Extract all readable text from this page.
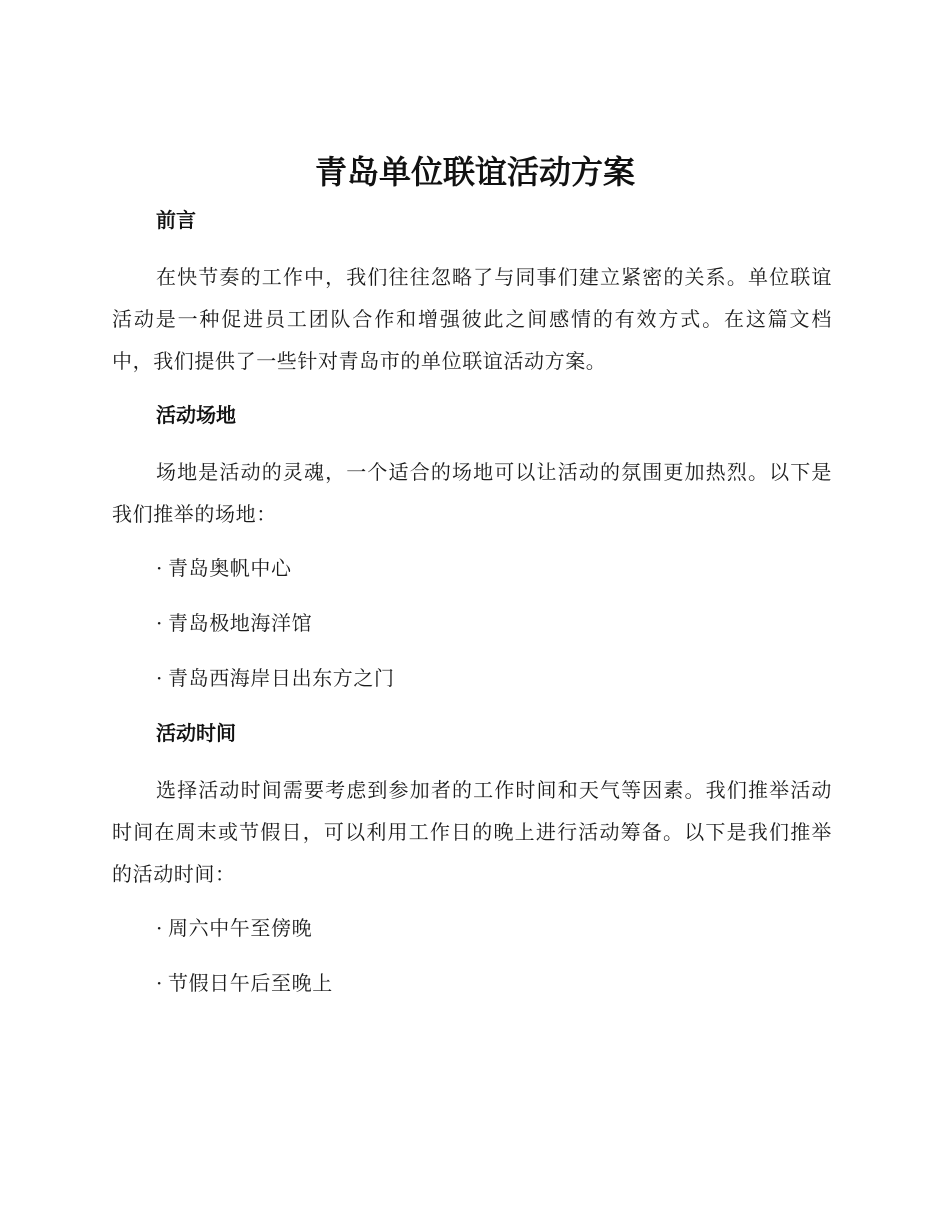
青岛单位联谊活动方案
前言

在快节奏的工作中，我们往往忽略了与同事们建立紧密的关系。单位联谊活动是一种促进员工团队合作和增强彼此之间感情的有效方式。在这篇文档中，我们提供了一些针对青岛市的单位联谊活动方案。

活动场地

场地是活动的灵魂，一个适合的场地可以让活动的氛围更加热烈。以下是我们推举的场地：

· 青岛奥帆中心
· 青岛极地海洋馆
· 青岛西海岸日出东方之门
活动时间

选择活动时间需要考虑到参加者的工作时间和天气等因素。我们推举活动时间在周末或节假日，可以利用工作日的晚上进行活动筹备。以下是我们推举的活动时间：

· 周六中午至傍晚
· 节假日午后至晚上
